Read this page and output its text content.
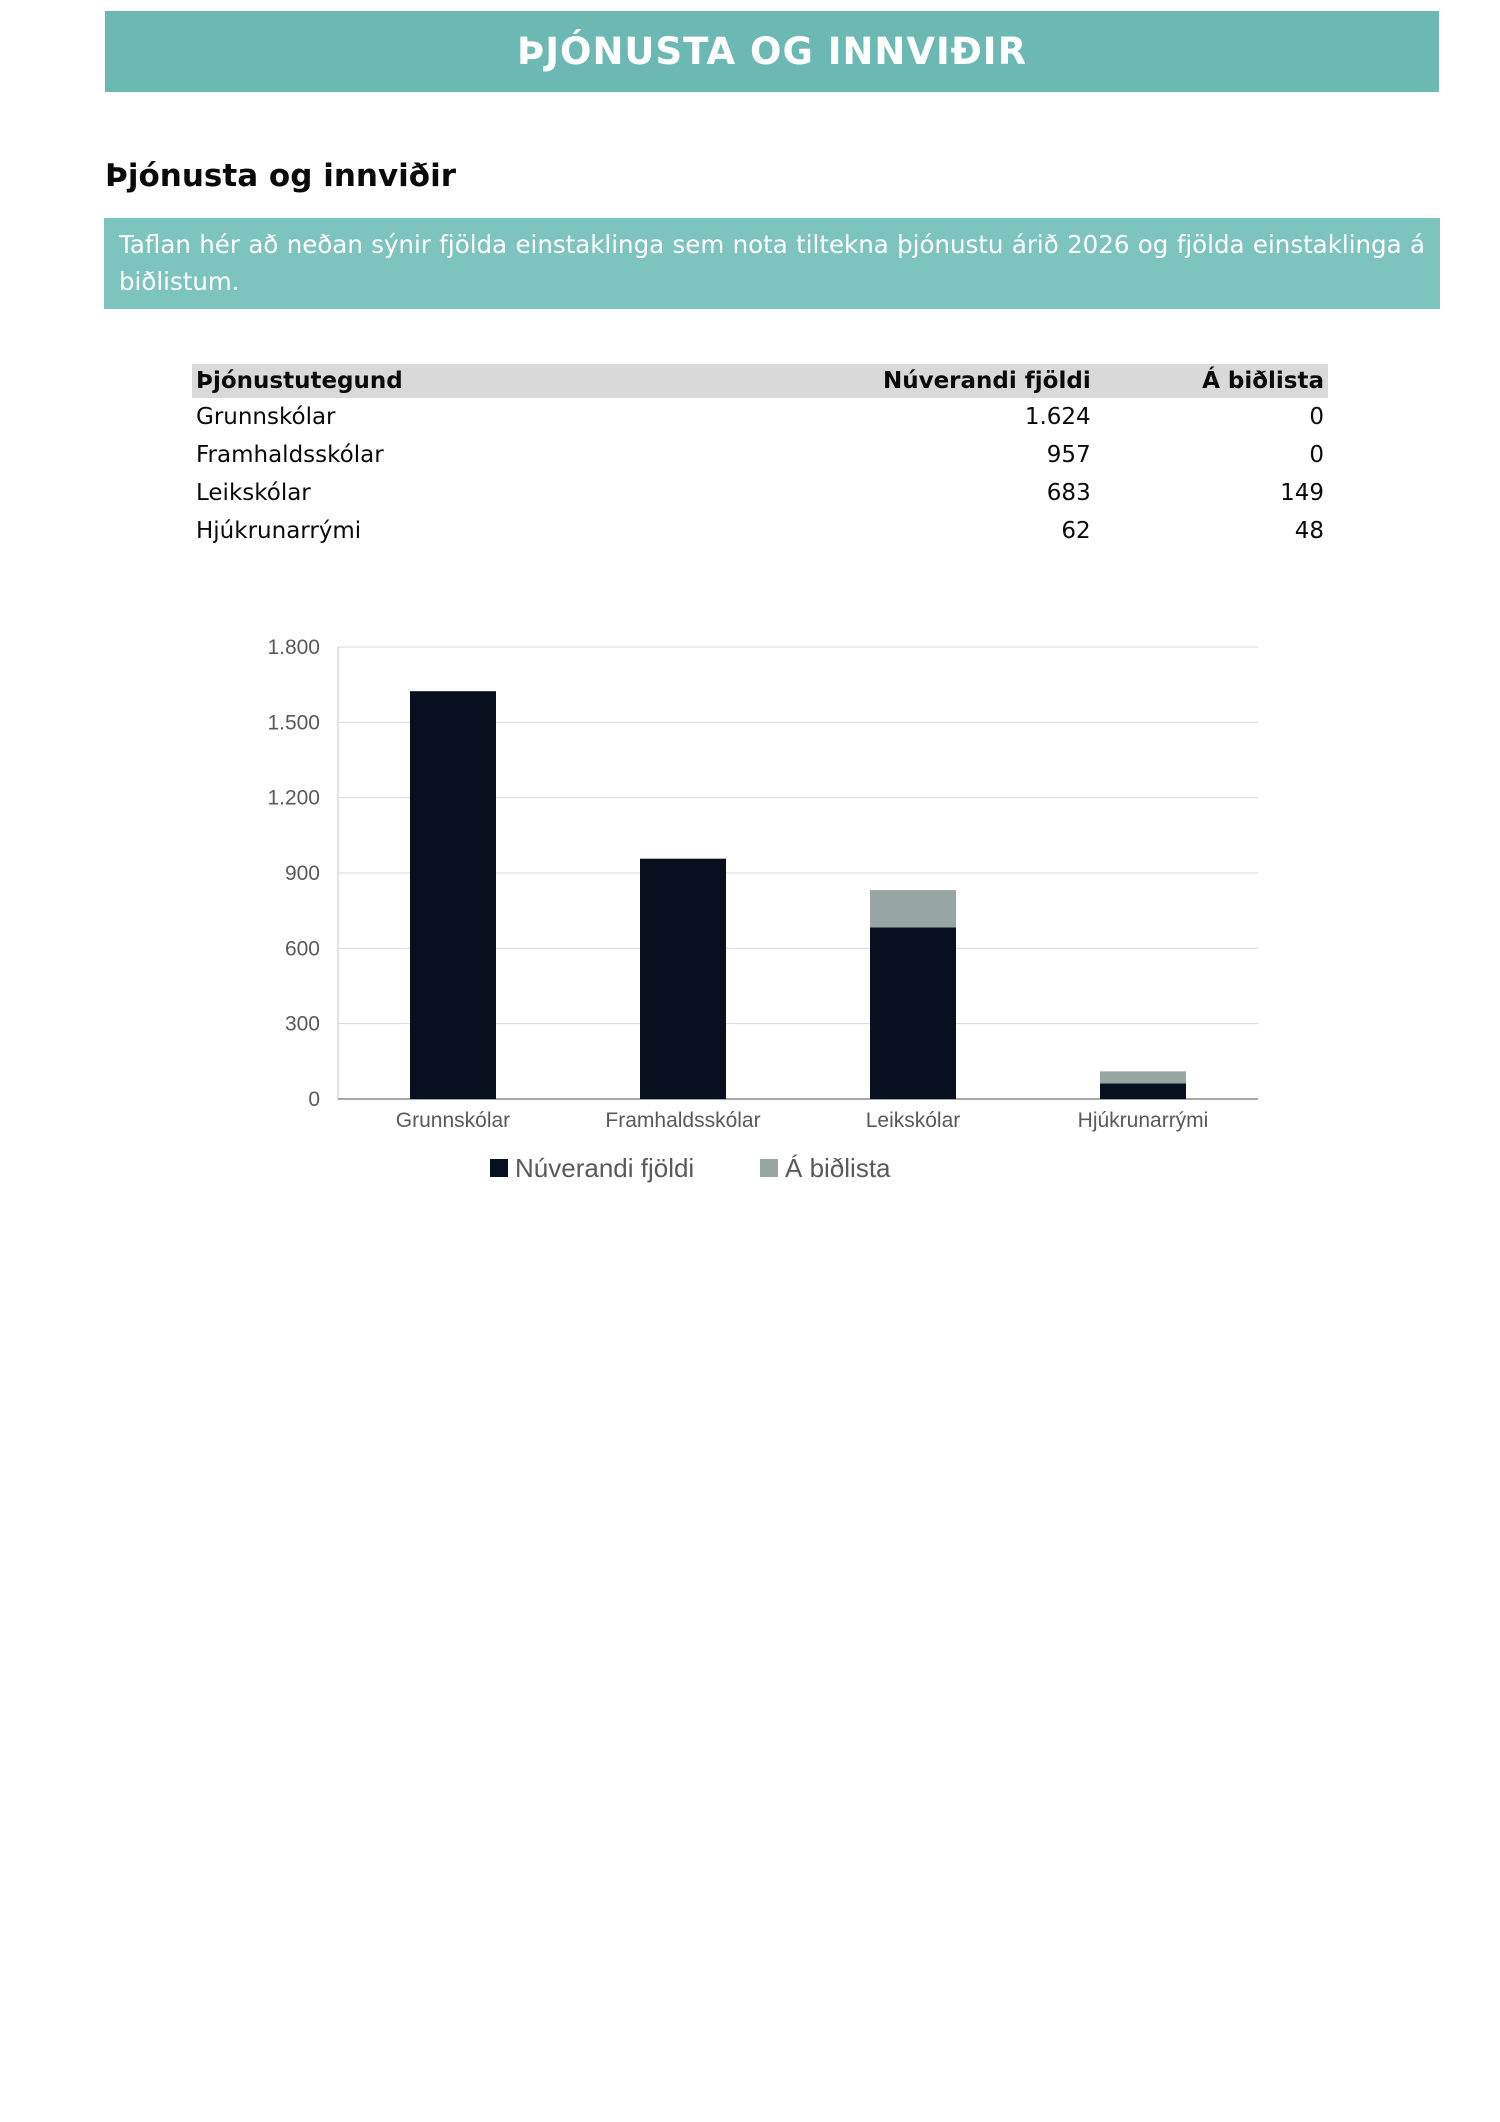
ÞJÓNUSTA OG INNVIÐIR
Þjónusta og innviðir
Taflan hér að neðan sýnir fjölda einstaklinga sem nota tiltekna þjónustu árið 2026 og fjölda einstaklinga á biðlistum.
Þjónustutegund	Núverandi fjöldi	Á biðlista
Grunnskólar	1.624	0
Framhaldsskólar	957	0
Leikskólar	683	149
Hjúkrunarrými	62	48
0
300
600
900
1.200
1.500
1.800
Grunnskólar	Framhaldsskólar	Leikskólar	Hjúkrunarrými
Núverandi fjöldi	Á biðlista
